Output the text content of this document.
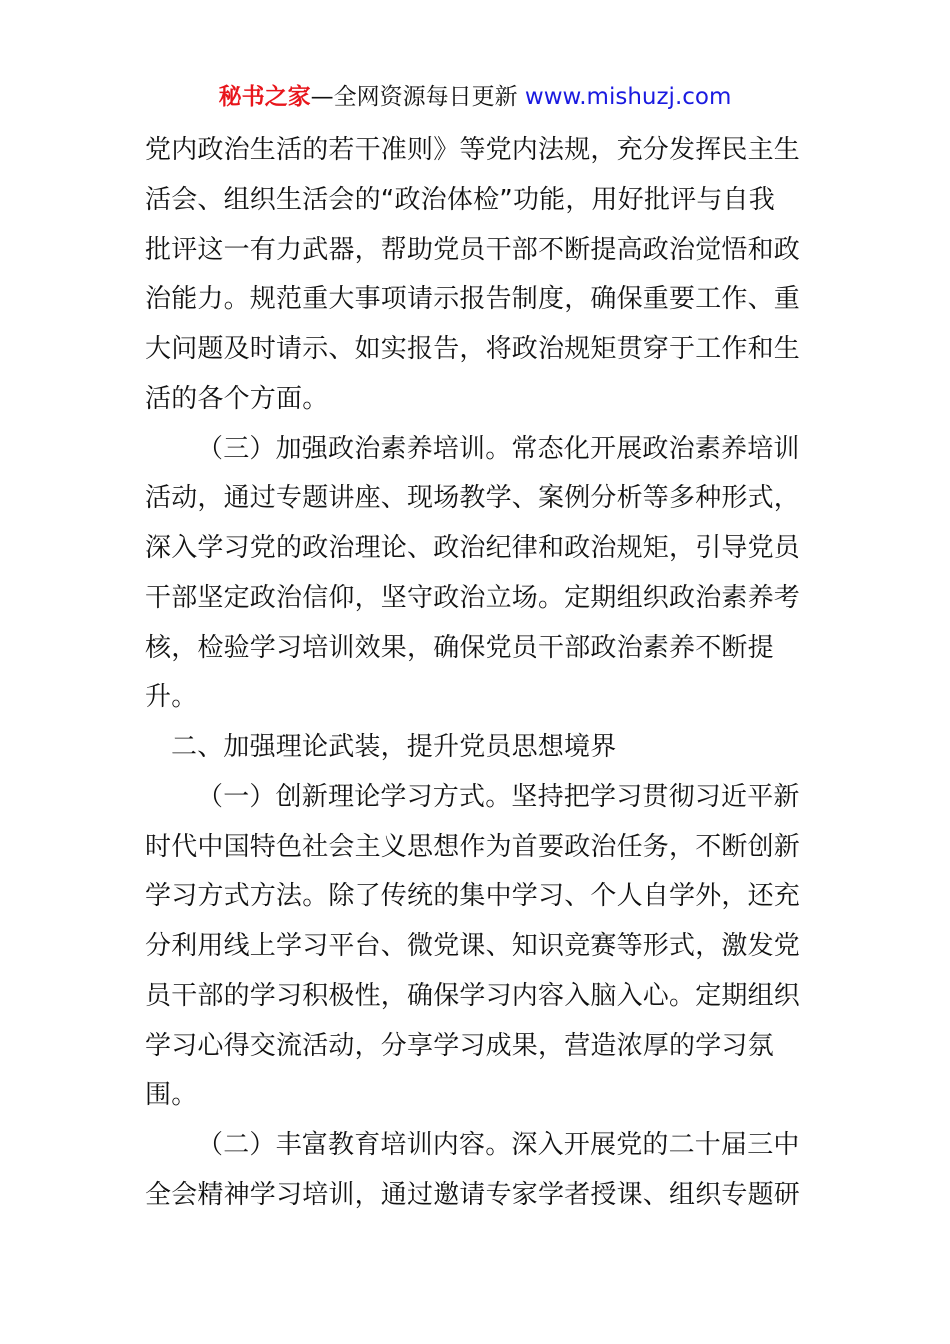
秘书之家—全网资源每日更新 www.mishuzj.com
党内政治生活的若干准则》等党内法规，充分发挥民主生
活会、组织生活会的“政治体检”功能，用好批评与自我
批评这一有力武器，帮助党员干部不断提高政治觉悟和政
治能力。规范重大事项请示报告制度，确保重要工作、重
大问题及时请示、如实报告，将政治规矩贯穿于工作和生
活的各个方面。
（三）加强政治素养培训。常态化开展政治素养培训
活动，通过专题讲座、现场教学、案例分析等多种形式，
深入学习党的政治理论、政治纪律和政治规矩，引导党员
干部坚定政治信仰，坚守政治立场。定期组织政治素养考
核，检验学习培训效果，确保党员干部政治素养不断提
升。
二、加强理论武装，提升党员思想境界
（一）创新理论学习方式。坚持把学习贯彻习近平新
时代中国特色社会主义思想作为首要政治任务，不断创新
学习方式方法。除了传统的集中学习、个人自学外，还充
分利用线上学习平台、微党课、知识竞赛等形式，激发党
员干部的学习积极性，确保学习内容入脑入心。定期组织
学习心得交流活动，分享学习成果，营造浓厚的学习氛
围。
（二）丰富教育培训内容。深入开展党的二十届三中
全会精神学习培训，通过邀请专家学者授课、组织专题研
